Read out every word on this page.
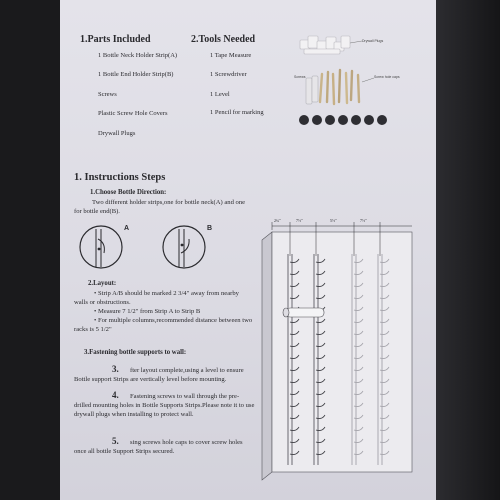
1.Parts Included
1 Bottle Neck Holder Strip(A)
1 Bottle End Holder Strip(B)
Screws
Plastic Screw Hole Covers
Drywall Plugs
2.Tools Needed
1 Tape Measure
1 Screwdriver
1 Level
1 Pencil for marking
Drywall Plugs
Screws	Screw hole caps
1. Instructions Steps
1.Choose Bottle Direction:
Two different holder strips,one for bottle neck(A) and one for bottle end(B).
A	B
2.Layout:
• Strip A/B should be marked 2 3/4" away from nearby walls or obstructions.
• Measure 7 1/2" from Strip A to Strip B
• For multiple columns,recommended distance between two racks is 5 1/2"
3.Fastening bottle supports to wall:
3.	fter layout complete,using a level to ensure Bottle support Strips are vertically level before mounting.
4.	Fastening screws to wall through the pre-drilled mounting holes in Bottle Supports Strips.Please note it to use drywall plugs when installing to protect wall.
5.	sing screws hole caps to cover screw holes once all bottle Support Strips secured.
2¾"	7½"	5½"	7½"
